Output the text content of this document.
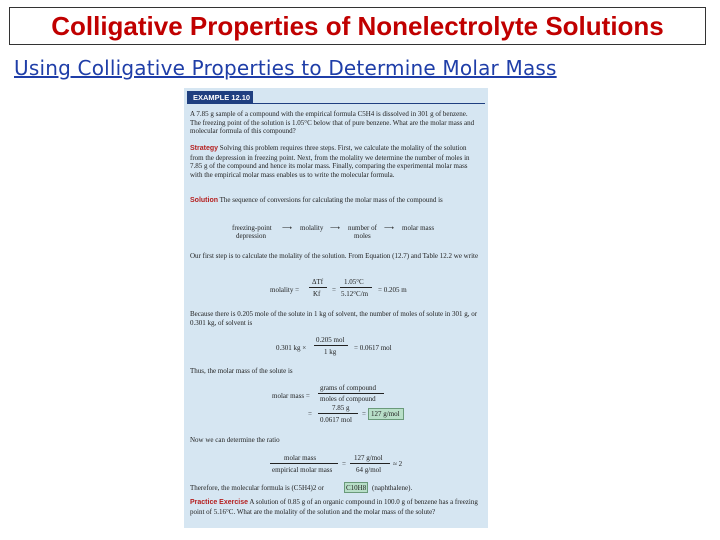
Colligative Properties of Nonelectrolyte Solutions
Using Colligative Properties to Determine Molar Mass
EXAMPLE 12.10
A 7.85 g sample of a compound with the empirical formula C5H4 is dissolved in 301 g of benzene. The freezing point of the solution is 1.05°C below that of pure benzene. What are the molar mass and molecular formula of this compound?
Strategy Solving this problem requires three steps. First, we calculate the molality of the solution from the depression in freezing point. Next, from the molality we determine the number of moles in 7.85 g of the compound and hence its molar mass. Finally, comparing the experimental molar mass with the empirical molar mass enables us to write the molecular formula.
Solution The sequence of conversions for calculating the molar mass of the compound is
freezing-point
depression
⟶ molality ⟶ number of
moles
⟶ molar mass
Our first step is to calculate the molality of the solution. From Equation (12.7) and Table 12.2 we write
molality =
ΔTf
Kf =
1.05°C
5.12°C/m = 0.205 m
Because there is 0.205 mole of the solute in 1 kg of solvent, the number of moles of solute in 301 g, or 0.301 kg, of solvent is
0.301 kg ×
0.205 mol
1 kg	= 0.0617 mol
Thus, the molar mass of the solute is
molar mass =
grams of compound
moles of compound
=
7.85 g
0.0617 mol
= 127 g/mol
Now we can determine the ratio
molar mass
empirical molar mass
=
127 g/mol
64 g/mol
≈ 2
Therefore, the molecular formula is (C5H4)2 or	C10H8 (naphthalene).
Practice Exercise A solution of 0.85 g of an organic compound in 100.0 g of benzene has a freezing point of 5.16°C. What are the molality of the solution and the molar mass of the solute?
